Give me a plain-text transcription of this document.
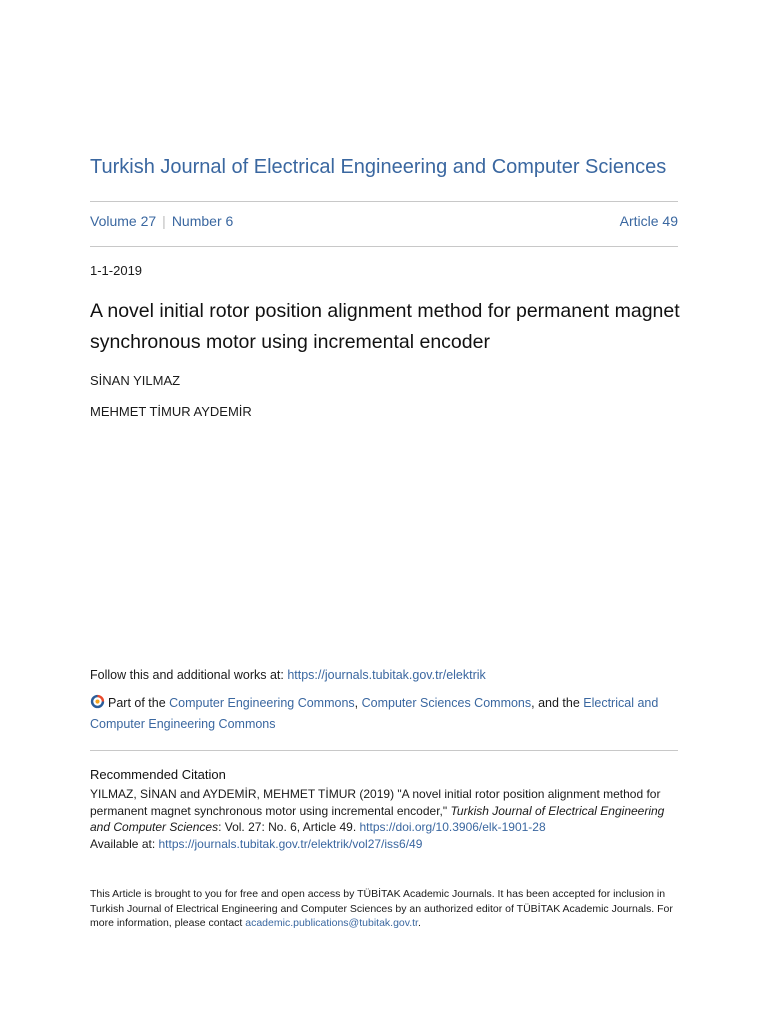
Turkish Journal of Electrical Engineering and Computer Sciences
Volume 27 | Number 6	Article 49
1-1-2019
A novel initial rotor position alignment method for permanent magnet synchronous motor using incremental encoder
SİNAN YILMAZ
MEHMET TİMUR AYDEMİR
Follow this and additional works at: https://journals.tubitak.gov.tr/elektrik
Part of the Computer Engineering Commons, Computer Sciences Commons, and the Electrical and Computer Engineering Commons
Recommended Citation
YILMAZ, SİNAN and AYDEMİR, MEHMET TİMUR (2019) "A novel initial rotor position alignment method for permanent magnet synchronous motor using incremental encoder," Turkish Journal of Electrical Engineering and Computer Sciences: Vol. 27: No. 6, Article 49. https://doi.org/10.3906/elk-1901-28
Available at: https://journals.tubitak.gov.tr/elektrik/vol27/iss6/49
This Article is brought to you for free and open access by TÜBİTAK Academic Journals. It has been accepted for inclusion in Turkish Journal of Electrical Engineering and Computer Sciences by an authorized editor of TÜBİTAK Academic Journals. For more information, please contact academic.publications@tubitak.gov.tr.
